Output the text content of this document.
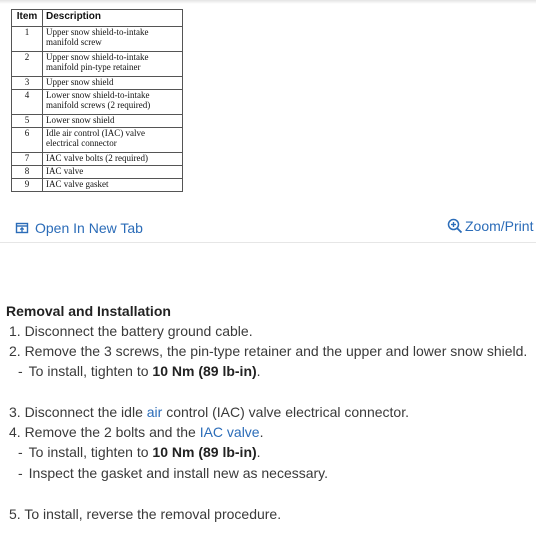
Item	Description
1	Upper snow shield-to-intake manifold screw
2	Upper snow shield-to-intake manifold pin-type retainer
3	Upper snow shield
4	Lower snow shield-to-intake manifold screws (2 required)
5	Lower snow shield
6	Idle air control (IAC) valve electrical connector
7	IAC valve bolts (2 required)
8	IAC valve
9	IAC valve gasket
Open In New Tab	Zoom/Print
Removal and Installation
1. Disconnect the battery ground cable.
2. Remove the 3 screws, the pin-type retainer and the upper and lower snow shield.
- To install, tighten to 10 Nm (89 lb-in).
3. Disconnect the idle air control (IAC) valve electrical connector.
4. Remove the 2 bolts and the IAC valve.
- To install, tighten to 10 Nm (89 lb-in).
- Inspect the gasket and install new as necessary.
5. To install, reverse the removal procedure.
